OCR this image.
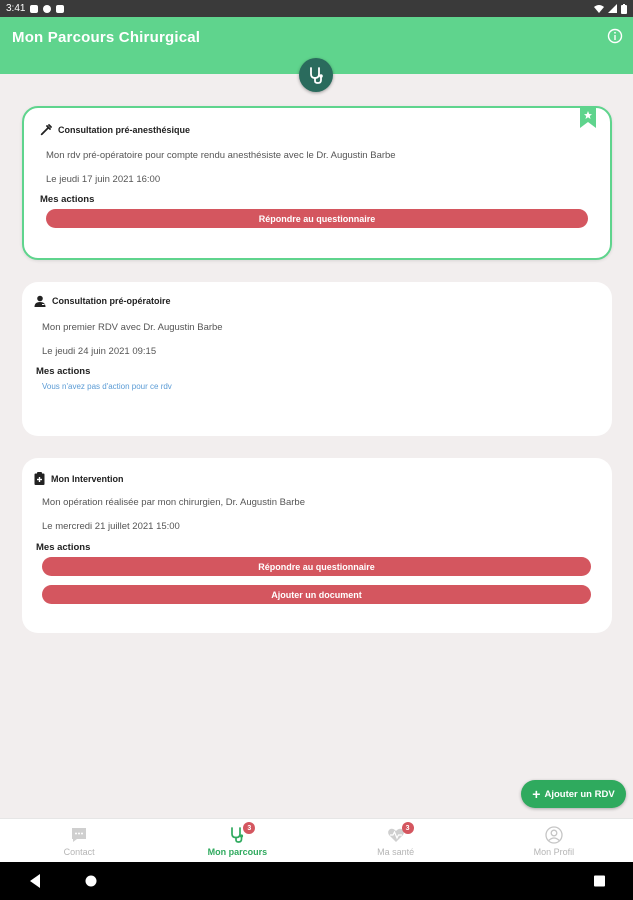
3:41
Mon Parcours Chirurgical
Consultation pré-anesthésique
Mon rdv pré-opératoire pour compte rendu anesthésiste avec le Dr. Augustin Barbe
Le jeudi 17 juin 2021 16:00
Mes actions
Répondre au questionnaire
Consultation pré-opératoire
Mon premier RDV avec Dr. Augustin Barbe
Le jeudi 24 juin 2021 09:15
Mes actions
Vous n'avez pas d'action pour ce rdv
Mon Intervention
Mon opération réalisée par mon chirurgien, Dr. Augustin Barbe
Le mercredi 21 juillet 2021 15:00
Mes actions
Répondre au questionnaire
Ajouter un document
+ Ajouter un RDV
Contact
3
Mon parcours
3
Ma santé	Mon Profil
